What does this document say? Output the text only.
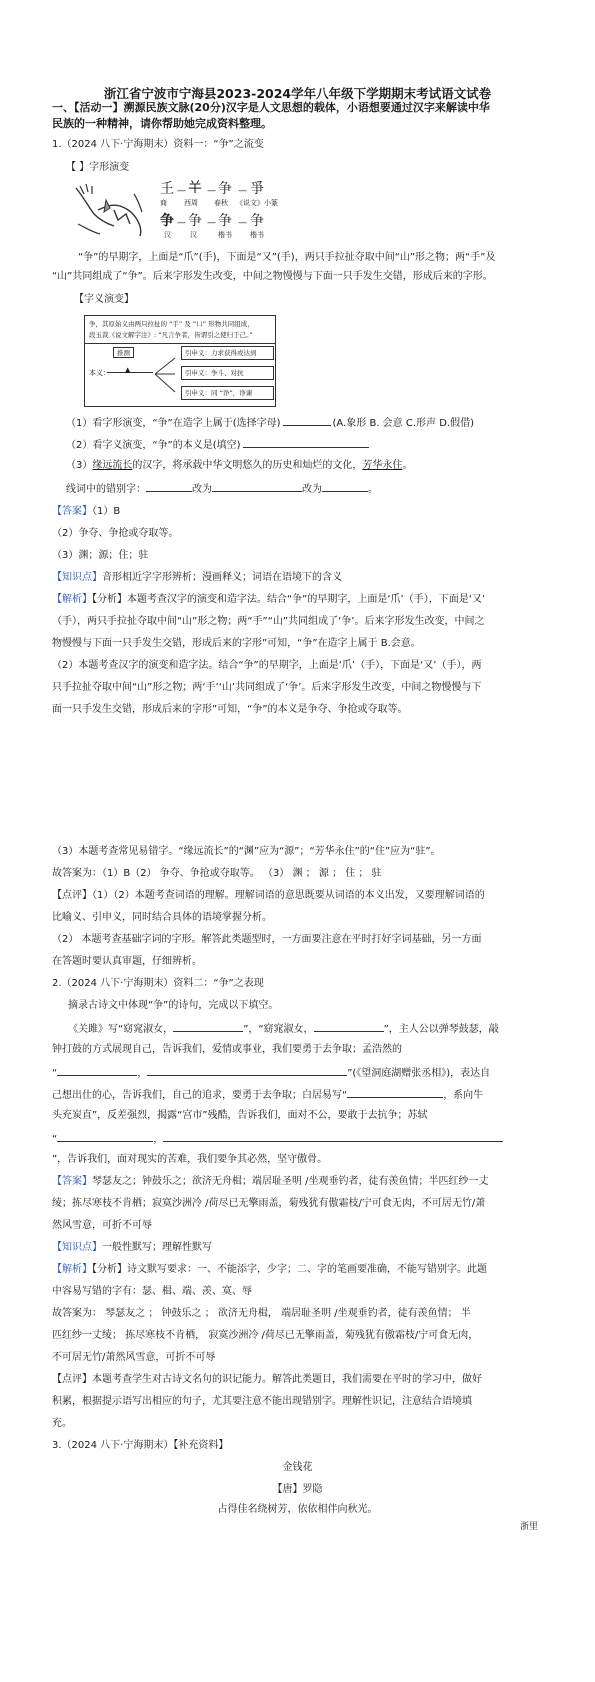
浙江省宁波市宁海县2023-2024学年八年级下学期期末考试语文试卷
一、【活动一】溯源民族文脉(20分)汉字是人文思想的载体，小语想要通过汉字来解读中华
民族的一种精神，请你帮助她完成资料整理。
1.（2024 八下·宁海期末）资料一：“争”之流变
【 】字形演变
𡈼 𢆉 争 爭
— — —
商 西周 春秋 《说文》小篆
争 争 争 争
— — —
汉	汉	楷书	楷书
“争”的早期字，上面是“爪”(手)，下面是“又”(手)，两只手拉扯夺取中间“山”形之物；两“手”及
“山”共同组成了“争”。后来字形发生改变，中间之物慢慢与下面一只手发生交错，形成后来的字形。
【字义演变】
争，其原始义由两只拉扯的 “手” 及 “凵” 形物共同组成，
段玉裁《说文解字注》: “凡言争者，皆谓引之使归于己。”
推测
本义： ▲
引申义：力求获得或达到
引申义：争斗、对抗
引申义：同 “诤”，诤谏
（1）看字形演变，“争”在造字上属于(选择字母)	(A.象形 B. 会意 C.形声 D.假借)
（2）看字义演变，“争”的本义是(填空)
（3）缘远流长的汉字，将承载中华文明悠久的历史和灿烂的文化，芳华永住。
线词中的错别字：	改为	改为	。
【答案】（1）B
（2）争夺、争抢或夺取等。
（3）渊；源；住；驻
【知识点】音形相近字字形辨析；漫画释义；词语在语境下的含义
【解析】【分析】本题考查汉字的演变和造字法。结合“争”的早期字，上面是‘爪’（手），下面是‘又’
（手），两只手拉扯夺取中间“山”形之物；两“手”“山”共同组成了‘争’。后来字形发生改变，中间之
物慢慢与下面一只手发生交错，形成后来的字形”可知，“争”在造字上属于 B.会意。
（2）本题考查汉字的演变和造字法。结合“争”的早期字，上面是‘爪’（手），下面是‘又’（手），两
只手拉扯夺取中间“山”形之物；两‘手’‘山’共同组成了‘争’。后来字形发生改变，中间之物慢慢与下
面一只手发生交错，形成后来的字形”可知，“争”的本义是争夺、争抢或夺取等。
（3）本题考查常见易错字。“缘远流长”的“渊”应为“源”；“芳华永住”的“住”应为“驻”。
故答案为：（1）B（2） 争夺、争抢或夺取等。 （3） 渊 ； 源 ； 住 ； 驻
【点评】（1）（2）本题考查词语的理解。理解词语的意思既要从词语的本义出发，又要理解词语的
比喻义、引申义，同时结合具体的语境掌握分析。
（2） 本题考查基础字词的字形。解答此类题型时，一方面要注意在平时打好字词基础，另一方面
在答题时要认真审题，仔细辨析。
2.（2024 八下·宁海期末）资料二：“争”之表现
摘录古诗文中体现“争”的诗句，完成以下填空。
《关雎》写“窈窕淑女，	”，“窈窕淑女，	”，主人公以弹琴鼓瑟，敲
钟打鼓的方式展现自己，告诉我们，爱情或事业，我们要勇于去争取；孟浩然的
“	，	”(《望洞庭湖赠张丞相》)，表达自
己想出仕的心，告诉我们，自己的追求，要勇于去争取；白居易写“	，系向牛
头充炭直”，反差强烈，揭露“宫市”残酷，告诉我们，面对不公，要敢于去抗争；苏轼
“	，
”，告诉我们，面对现实的苦难，我们要争其必然，坚守傲骨。
【答案】琴瑟友之；钟鼓乐之；欲济无舟楫；端居耻圣明 /坐观垂钓者，徒有羡鱼情；半匹红纱一丈
绫；拣尽寒枝不肯栖；寂寞沙洲冷 /荷尽已无擎雨盖，菊残犹有傲霜枝/宁可食无肉，不可居无竹/萧
然风雪意，可折不可辱
【知识点】一般性默写；理解性默写
【解析】【分析】诗文默写要求：一、不能添字，少字；二、字的笔画要准确，不能写错别字。此题
中容易写错的字有：瑟、楫、端、羡、寞、辱
故答案为： 琴瑟友之 ； 钟鼓乐之 ； 欲济无舟楫， 端居耻圣明 /坐观垂钓者，徒有羡鱼情； 半
匹红纱一丈绫； 拣尽寒枝不肯栖， 寂寞沙洲冷 /荷尽已无擎雨盖，菊残犹有傲霜枝/宁可食无肉，
不可居无竹/萧然风雪意，可折不可辱
【点评】本题考查学生对古诗文名句的识记能力。解答此类题目，我们需要在平时的学习中，做好
积累，根据提示语写出相应的句子，尤其要注意不能出现错别字。理解性识记，注意结合语境填
充。
3.（2024 八下·宁海期末）【补充资料】
金钱花
【唐】罗隐
占得佳名绕树芳，依依相伴向秋光。
浙里
